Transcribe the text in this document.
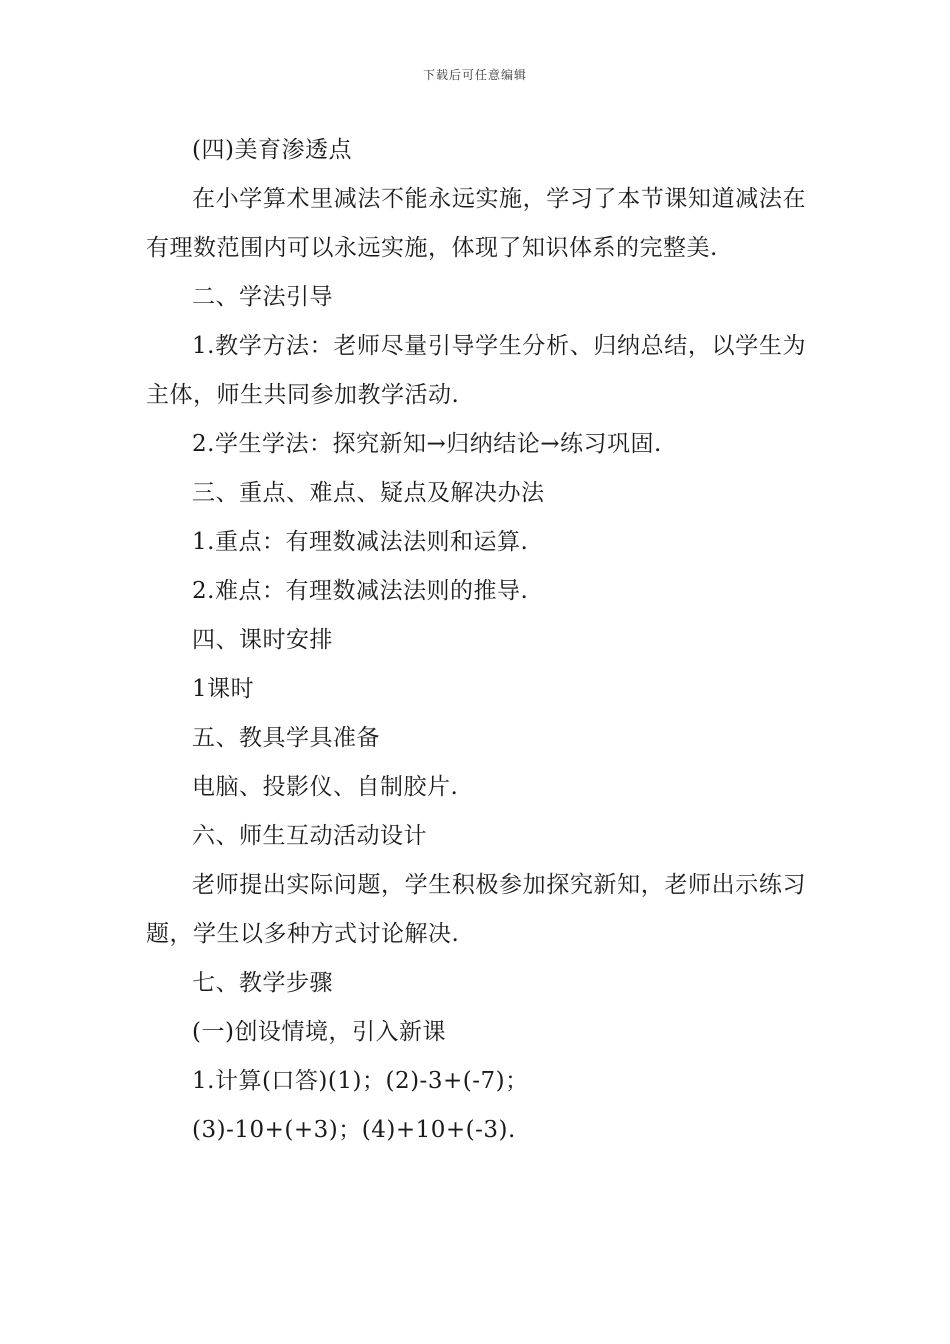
下载后可任意编辑

(四)美育渗透点

在小学算术里减法不能永远实施，学习了本节课知道减法在有理数范围内可以永远实施，体现了知识体系的完整美.

二、学法引导

1.教学方法：老师尽量引导学生分析、归纳总结，以学生为主体，师生共同参加教学活动.

2.学生学法：探究新知→归纳结论→练习巩固.

三、重点、难点、疑点及解决办法

1.重点：有理数减法法则和运算.

2.难点：有理数减法法则的推导.

四、课时安排

1课时

五、教具学具准备

电脑、投影仪、自制胶片.

六、师生互动活动设计

老师提出实际问题，学生积极参加探究新知，老师出示练习题，学生以多种方式讨论解决.

七、教学步骤

(一)创设情境，引入新课

1.计算(口答)(1)；(2)-3+(-7)；

(3)-10+(+3)；(4)+10+(-3).
